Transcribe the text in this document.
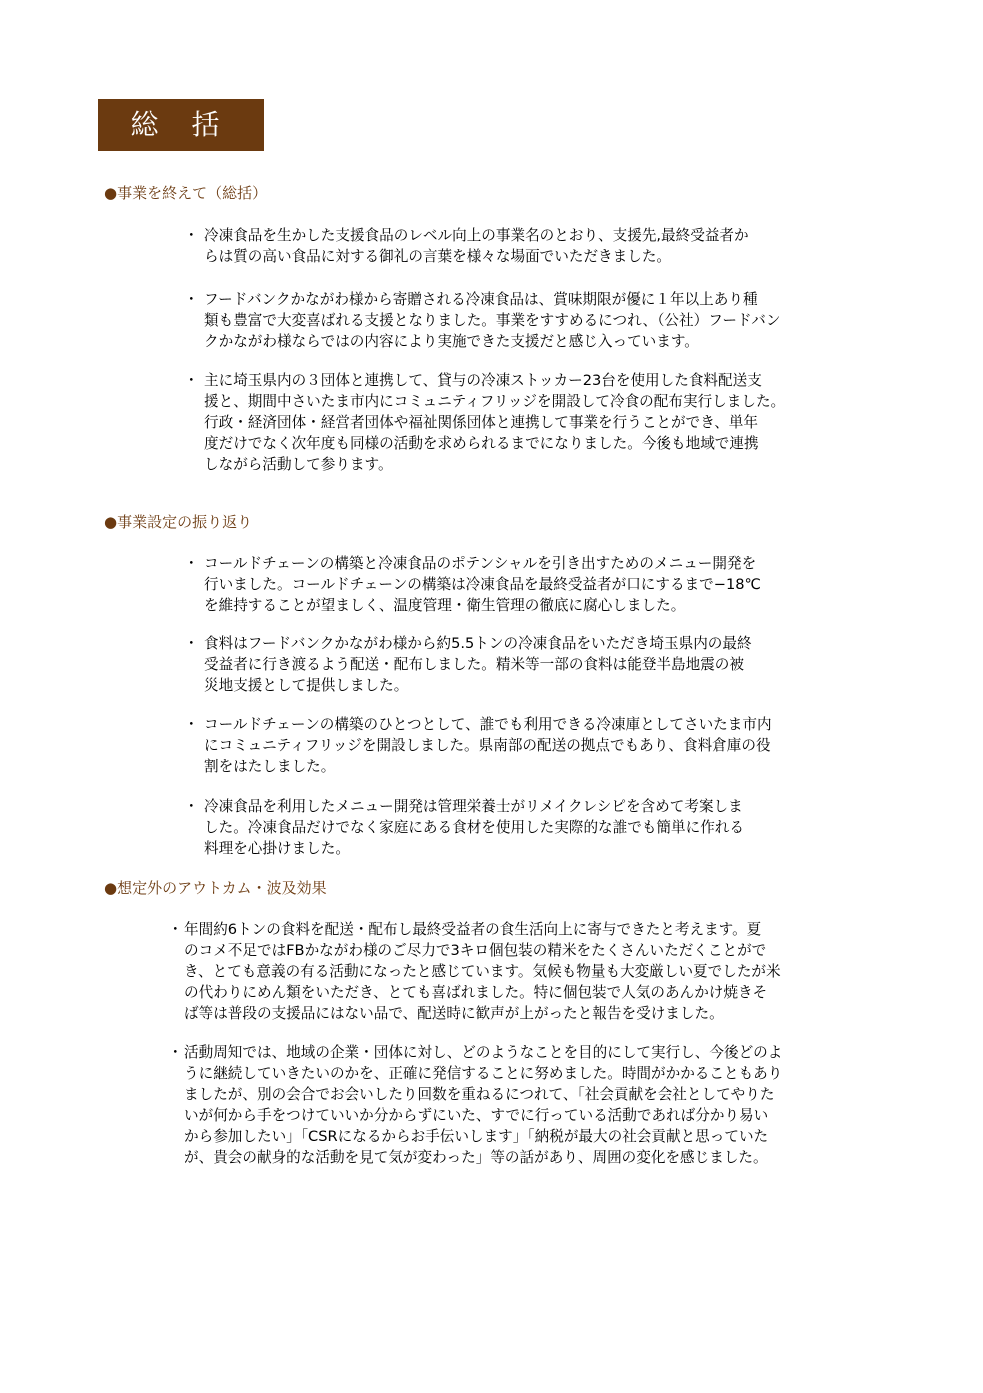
総 括
●事業を終えて（総括）
・ 冷凍食品を生かした支援食品のレベル向上の事業名のとおり、支援先,最終受益者か
らは質の高い食品に対する御礼の言葉を様々な場面でいただきました。
・ フードバンクかながわ様から寄贈される冷凍食品は、賞味期限が優に１年以上あり種
類も豊富で大変喜ばれる支援となりました。事業をすすめるにつれ、（公社）フードバン
クかながわ様ならではの内容により実施できた支援だと感じ入っています。
・ 主に埼玉県内の３団体と連携して、貸与の冷凍ストッカー23台を使用した食料配送支
援と、期間中さいたま市内にコミュニティフリッジを開設して冷食の配布実行しました。
行政・経済団体・経営者団体や福祉関係団体と連携して事業を行うことができ、単年
度だけでなく次年度も同様の活動を求められるまでになりました。今後も地域で連携
しながら活動して参ります。
●事業設定の振り返り
・ コールドチェーンの構築と冷凍食品のポテンシャルを引き出すためのメニュー開発を
行いました。コールドチェーンの構築は冷凍食品を最終受益者が口にするまで−18℃
を維持することが望ましく、温度管理・衛生管理の徹底に腐心しました。
・ 食料はフードバンクかながわ様から約5.5トンの冷凍食品をいただき埼玉県内の最終
受益者に行き渡るよう配送・配布しました。精米等一部の食料は能登半島地震の被
災地支援として提供しました。
・ コールドチェーンの構築のひとつとして、誰でも利用できる冷凍庫としてさいたま市内
にコミュニティフリッジを開設しました。県南部の配送の拠点でもあり、食料倉庫の役
割をはたしました。
・ 冷凍食品を利用したメニュー開発は管理栄養士がリメイクレシピを含めて考案しま
した。冷凍食品だけでなく家庭にある食材を使用した実際的な誰でも簡単に作れる
料理を心掛けました。
●想定外のアウトカム・波及効果
・ 年間約6トンの食料を配送・配布し最終受益者の食生活向上に寄与できたと考えます。夏
のコメ不足ではFBかながわ様のご尽力で3キロ個包装の精米をたくさんいただくことがで
き、とても意義の有る活動になったと感じています。気候も物量も大変厳しい夏でしたが米
の代わりにめん類をいただき、とても喜ばれました。特に個包装で人気のあんかけ焼きそ
ば等は普段の支援品にはない品で、配送時に歓声が上がったと報告を受けました。
・ 活動周知では、地域の企業・団体に対し、どのようなことを目的にして実行し、今後どのよ
うに継続していきたいのかを、正確に発信することに努めました。時間がかかることもあり
ましたが、別の会合でお会いしたり回数を重ねるにつれて、「社会貢献を会社としてやりた
いが何から手をつけていいか分からずにいた、すでに行っている活動であれば分かり易い
から参加したい」「CSRになるからお手伝いします」「納税が最大の社会貢献と思っていた
が、貴会の献身的な活動を見て気が変わった」等の話があり、周囲の変化を感じました。
